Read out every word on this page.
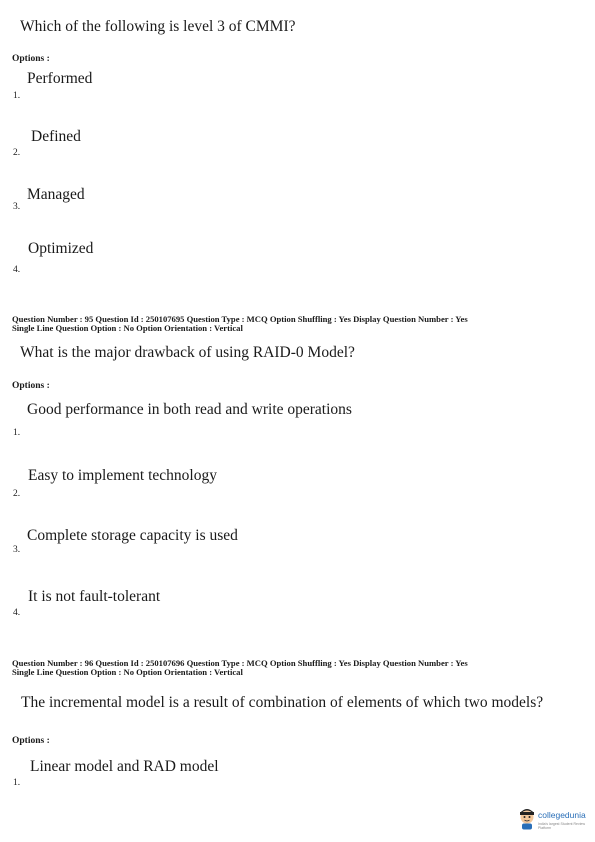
Which of the following is level 3 of CMMI?
Options :
Performed
1.
Defined
2.
Managed
3.
Optimized
4.
Question Number : 95 Question Id : 250107695 Question Type : MCQ Option Shuffling : Yes Display Question Number : Yes
Single Line Question Option : No Option Orientation : Vertical
What is the major drawback of using RAID-0 Model?
Options :
Good performance in both read and write operations
1.
Easy to implement technology
2.
Complete storage capacity is used
3.
It is not fault-tolerant
4.
Question Number : 96 Question Id : 250107696 Question Type : MCQ Option Shuffling : Yes Display Question Number : Yes
Single Line Question Option : No Option Orientation : Vertical
The incremental model is a result of combination of elements of which two models?
Options :
Linear model and RAD model
1.
collegedunia
India's largest Student Review Platform
